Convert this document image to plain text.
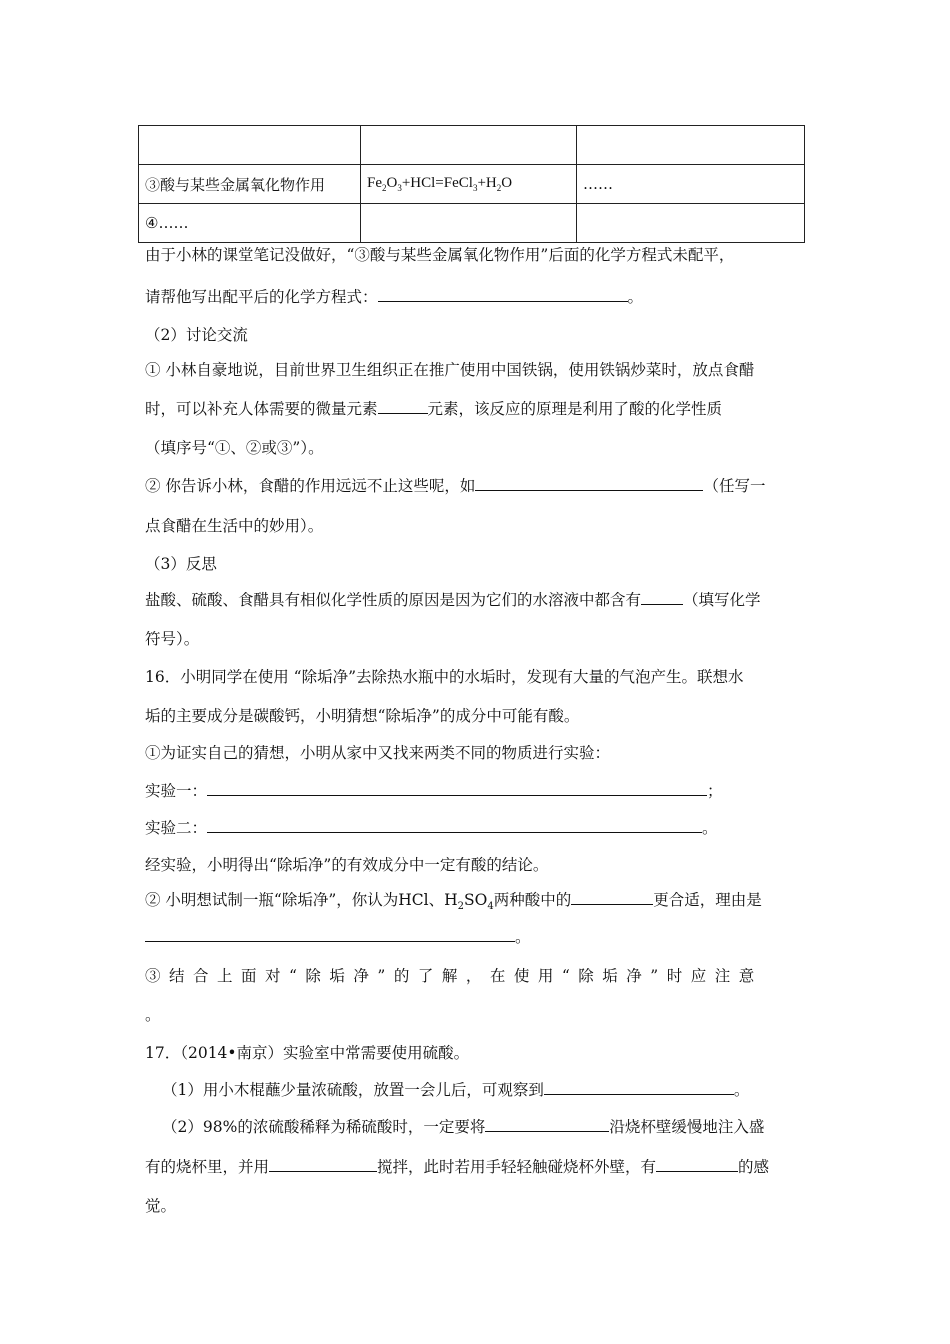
③酸与某些金属氧化物作用	$Fe_2O_3+HCl=FeCl_3+H_2O$	……
④……		
由于小林的课堂笔记没做好，“③酸与某些金属氧化物作用”后面的化学方程式未配平，
请帮他写出配平后的化学方程式：	。
（2）讨论交流
① 小林自豪地说，目前世界卫生组织正在推广使用中国铁锅，使用铁锅炒菜时，放点食醋
时，可以补充人体需要的微量元素	元素，该反应的原理是利用了酸的化学性质
（填序号“①、②或③”）。
② 你告诉小林，食醋的作用远远不止这些呢，如	（任写一
点食醋在生活中的妙用）。
（3）反思
盐酸、硫酸、食醋具有相似化学性质的原因是因为它们的水溶液中都含有	（填写化学
符号）。
16．小明同学在使用 “除垢净”去除热水瓶中的水垢时，发现有大量的气泡产生。联想水
垢的主要成分是碳酸钙，小明猜想“除垢净”的成分中可能有酸。
①为证实自己的猜想，小明从家中又找来两类不同的物质进行实验：
实验一：	；
实验二：	。
经实验，小明得出“除垢净”的有效成分中一定有酸的结论。
② 小明想试制一瓶“除垢净”，你认为HCl、$H_2SO_4$两种酸中的	更合适，理由是
。
③结合上面对“除垢净”的了解，在使用“除垢净”时应注意
。
17．（2014•南京）实验室中常需要使用硫酸。
（1）用小木棍蘸少量浓硫酸，放置一会儿后，可观察到	。
（2）98%的浓硫酸稀释为稀硫酸时，一定要将	沿烧杯壁缓慢地注入盛
有的烧杯里，并用	搅拌，此时若用手轻轻触碰烧杯外壁，有	的感
觉。
